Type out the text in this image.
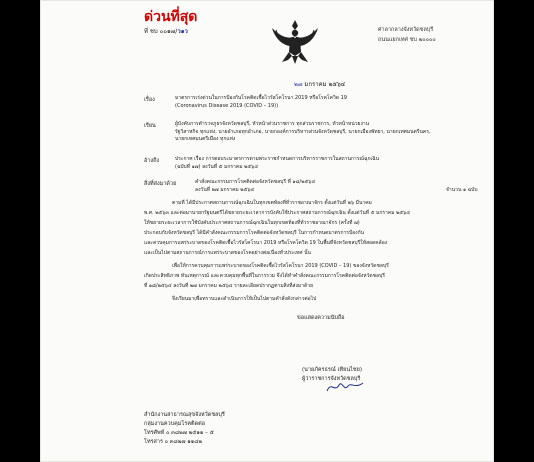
ด่วนที่สุด
ที่ ชบ ๐๐๑๗/ว๑ว	ศาลากลางจังหวัดชลบุรี
ถนนแยกเทศ ชบ ๒๐๐๐๐
๒๗ มกราคม ๒๕๖๔
เรื่อง	มาตรการเร่งด่วนในการป้องกันโรคติดเชื้อไวรัสโคโรนา 2019 หรือโรคโควิด 19
(Coronavirus Disease 2019 (COVID – 19))
เรียน	ผู้บังคับการตำรวจภูธรจังหวัดชลบุรี, หัวหน้าส่วนราชการ ทุกส่วนราชการ, หัวหน้าหน่วยงาน
รัฐวิสาหกิจ ทุกแห่ง, นายอำเภอทุกอำเภอ, นายกองค์การบริหารส่วนจังหวัดชลบุรี, นายกเมืองพัทยา, นายกเทศมนตรีนคร,
นายกเทศมนตรีเมือง ทุกแห่ง
อ้างถึง	ประกาศ เรื่อง การตอบระมาตรการตามพระราชกำหนดการบริหารราชการในสถานการณ์ฉุกเฉิน
(ฉบับที่ ๑๗) ลงวันที่ ๕ มกราคม ๒๕๖๔
สิ่งที่ส่งมาด้วย	คำสั่งคณะกรรมการโรคติดต่อจังหวัดชลบุรี ที่ ๑๘/๒๕๖๔
ลงวันที่ ๒๗ มกราคม ๒๕๖๔	จำนวน ๑ ฉบับ
ตามที่ ได้มีประกาศสถานการณ์ฉุกเฉินในทุกเขตท้องที่ทั่วราชอาณาจักร ตั้งแต่วันที่ ๒๖ มีนาคม
พ.ศ. ๒๕๖๓ และต่อมานายกรัฐมนตรีได้ขยายระยะเวลาการบังคับใช้ประกาศสถานการณ์ฉุกเฉิน ตั้งแต่วันที่ ๕ มกราคม ๒๕๖๔
ให้ขยายระยะเวลาการใช้บังคับประกาศสถานการณ์ฉุกเฉินในทุกเขตท้องที่ทั่วราชอาณาจักร (ครั้งที่ ๗)
ประกอบกับจังหวัดชลบุรี ได้มีคำสั่งคณะกรรมการโรคติดต่อจังหวัดชลบุรี ในการกำหนดมาตรการป้องกัน
และควบคุมการแพร่ระบาดของโรคติดเชื้อไวรัสโคโรนา 2019 หรือโรคโควิด 19 ในพื้นที่จังหวัดชลบุรีให้สอดคล้อง
และเป็นไปตามสถานการณ์การแพร่ระบาดของโรคอย่างต่อเนื่องทั่วประเทศ นั้น
เพื่อให้การควบคุมการแพร่ระบาดของโรคติดเชื้อไวรัสโคโรนา 2019 (COVID – 19) ของจังหวัดชลบุรี
เกิดประสิทธิภาพ ทันเหตุการณ์ และควบคุมทุกพื้นที่ในการรวม จึงได้ทำคำสั่งคณะกรรมการโรคติดต่อจังหวัดชลบุรี
ที่ ๑๘/๒๕๖๔ ลงวันที่ ๒๗ มกราคม ๒๕๖๔ รายละเอียดปรากฏตามสิ่งที่ส่งมาด้วย
จึงเรียนมาเพื่อทราบและดำเนินการให้เป็นไปตามคำสั่งดังกล่าวต่อไป
ขอแสดงความนับถือ
(นายภัครธรณ์ เทียนไชย)
ผู้ว่าราชการจังหวัดชลบุรี
สำนักงานสาธารณสุขจังหวัดชลบุรี
กลุ่มงานควบคุมโรคติดต่อ
โทรศัพท์ ๐ ๓๘๒๗ ๒๕๑๑ – ๕
โทรสาร ๐ ๓๘๒๗ ๑๑๘๒
